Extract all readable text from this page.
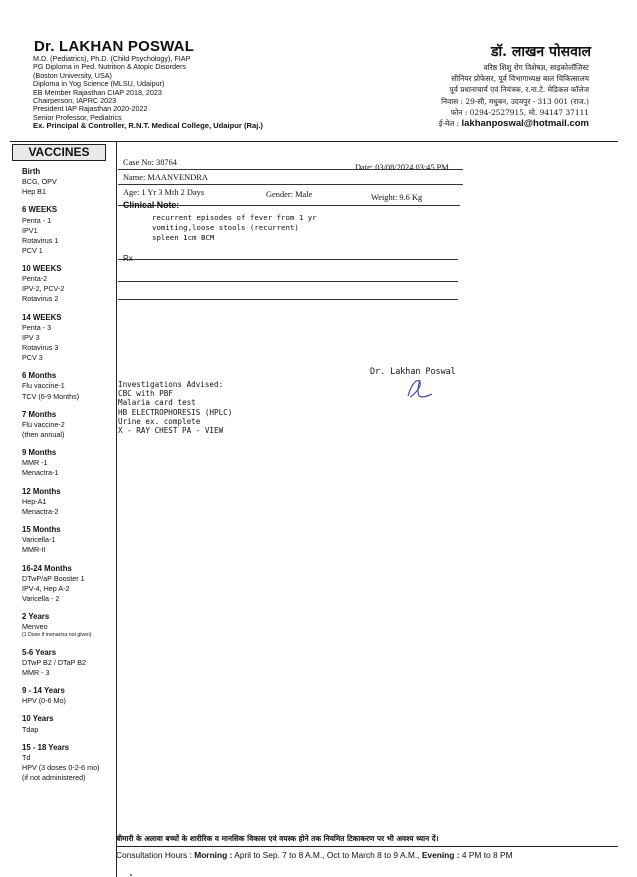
Dr. LAKHAN POSWAL
M.D. (Pediatrics), Ph.D. (Child Psychology), FIAP
PG Diploma in Ped. Nutrition & Atopic Disorders
(Boston University, USA)
Diploma in Yog Science (MLSU, Udaipur)
EB Member Rajasthan CIAP 2018, 2023
Chairperson, IAPRC 2023
President IAP Rajasthan 2020-2022
Senior Professor, Pediatrics
Ex. Principal & Controller, R.N.T. Medical College, Udaipur (Raj.)
डॉ. लाखन पोसवाल
वरिष्ठ शिशु रोग विशेषज्ञ, साइकोलॉजिस्ट
सीनियर प्रोफेसर, पूर्व विभागाध्यक्ष बाल चिकित्सालय
पूर्व प्रधानाचार्य एवं नियंत्रक, र.ना.टे. मेडिकल कॉलेज
निवास : 29-सी, मधुबन, उदयपुर - 313 001 (राज.)
फोन : 0294-2527915, मो. 94147 37111
ई-मेल : lakhanposwal@hotmail.com
VACCINES
Birth
BCG, OPV
Hep B1
6 WEEKS
Penta - 1
IPV1
Rotavirus 1
PCV 1
10 WEEKS
Penta-2
IPV-2, PCV-2
Rotavirus 2
14 WEEKS
Penta - 3
IPV 3
Rotavirus 3
PCV 3
6 Months
Flu vaccine-1
TCV (6-9 Months)
7 Months
Flu vaccine-2
(then annual)
9 Months
MMR -1
Menactra-1
12 Months
Hep-A1
Menactra-2
15 Months
Varicella-1
MMR-II
16-24 Months
DTwP/aP Booster 1
IPV-4, Hep A-2
Varicella - 2
2 Years
Menveo
(1 Dose if menactra not given)
5-6 Years
DTwP B2 / DTaP B2
MMR - 3
9 - 14 Years
HPV (0-6 Mo)
10 Years
Tdap
15 - 18 Years
Td
HPV (3 doses 0-2-6 mo)
(if not administered)
Case No: 38764
Date: 03/08/2024 03:45 PM
Name: MAANVENDRA
Age: 1 Yr 3 Mth 2 Days	Gender: Male	Weight: 9.6 Kg
Clinical Note:
recurrent episodes of fever from 1 yr
vomiting,loose stools (recurrent)
spleen 1cm BCM
Rx
Dr. Lakhan Poswal
Investigations Advised:
CBC with PBF
Malaria card test
HB ELECTROPHORESIS (HPLC)
Urine ex. complete
X - RAY CHEST PA - VIEW
बीमारी के अलावा बच्चों के शारीरिक व मानसिक विकास एवं वयस्क होने तक नियमित टिकाकरण पर भी अवश्य ध्यान दें।
Consultation Hours : Morning : April to Sep. 7 to 8 A.M., Oct to March 8 to 9 A.M., Evening : 4 PM to 8 PM
